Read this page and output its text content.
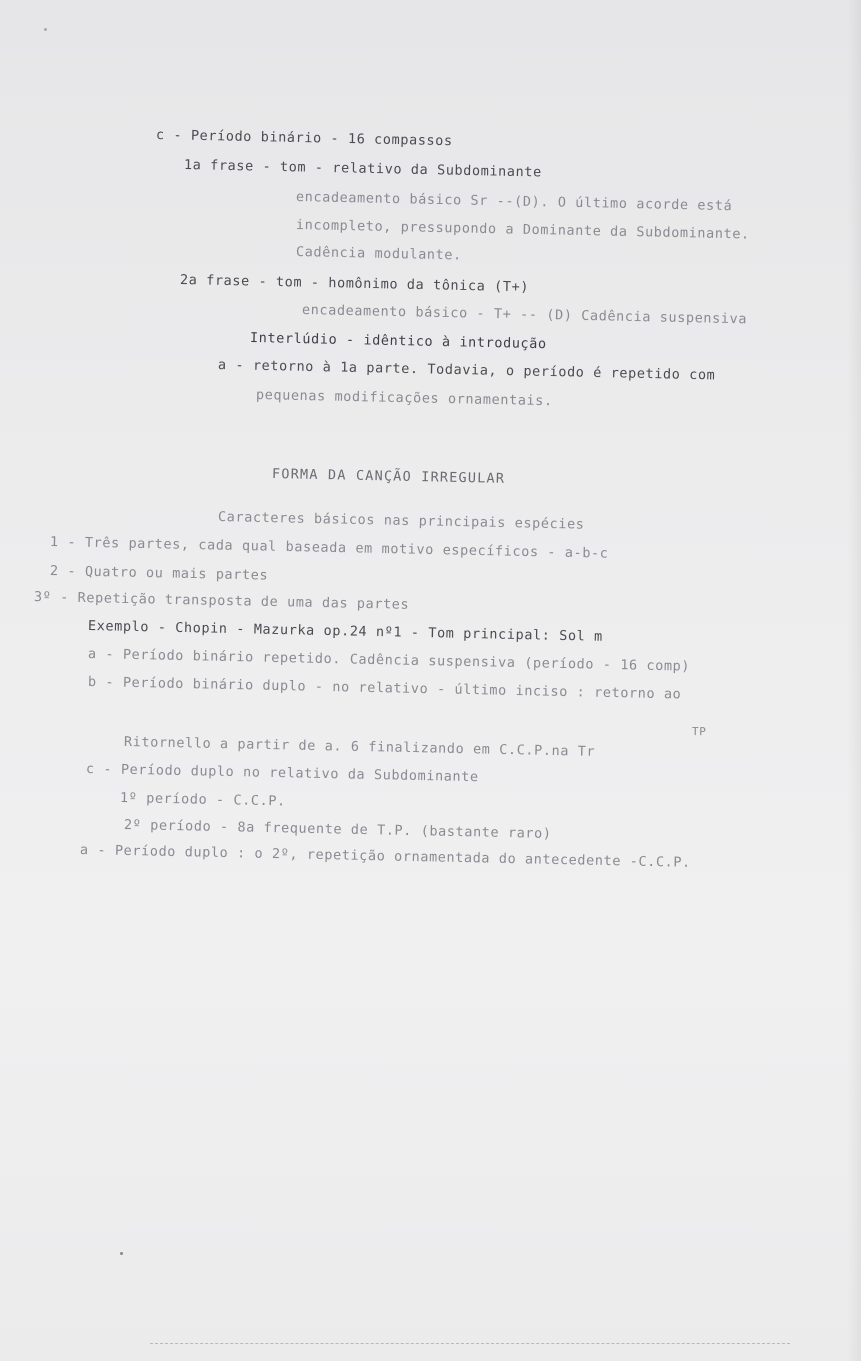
c - Período binário - 16 compassos
1a frase - tom - relativo da Subdominante
encadeamento básico Sr --(D). O último acorde está
incompleto, pressupondo a Dominante da Subdominante.
Cadência modulante.
2a frase - tom - homônimo da tônica (T+)
encadeamento básico - T+ -- (D) Cadência suspensiva
Interlúdio - idêntico à introdução
a - retorno à 1a parte. Todavia, o período é repetido com
pequenas modificações ornamentais.
FORMA DA CANÇÃO IRREGULAR
Caracteres básicos nas principais espécies
1 - Três partes, cada qual baseada em motivo específicos - a-b-c
2 - Quatro ou mais partes
3º - Repetição transposta de uma das partes
Exemplo - Chopin - Mazurka op.24 nº1 - Tom principal: Sol m
a - Período binário repetido. Cadência suspensiva (período - 16 comp)
b - Período binário duplo - no relativo - último inciso : retorno ao
TP
Ritornello a partir de a. 6 finalizando em C.C.P.na Tr
c - Período duplo no relativo da Subdominante
1º período - C.C.P.
2º período - 8a frequente de T.P. (bastante raro)
a - Período duplo : o 2º, repetição ornamentada do antecedente -C.C.P.
